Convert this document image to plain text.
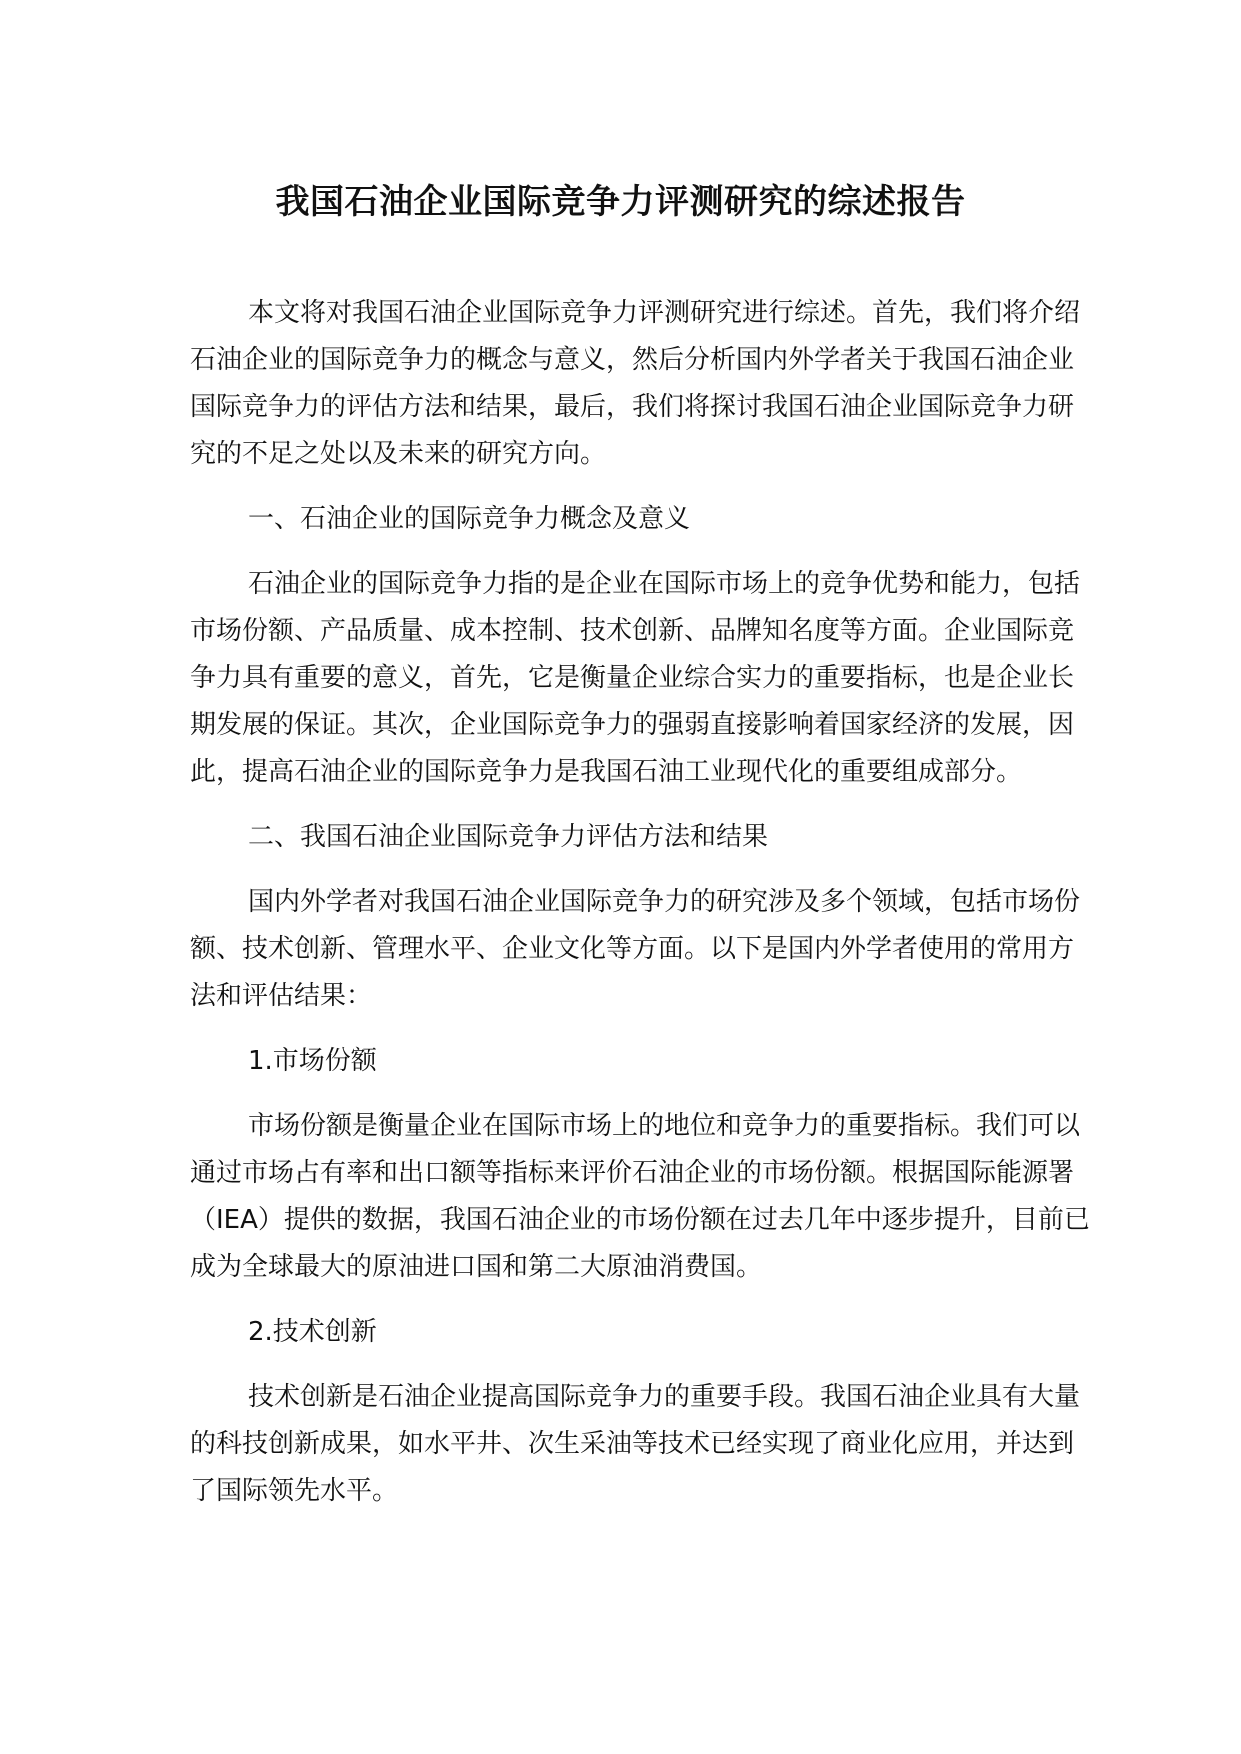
我国石油企业国际竞争力评测研究的综述报告

本文将对我国石油企业国际竞争力评测研究进行综述。首先，我们将介绍石油企业的国际竞争力的概念与意义，然后分析国内外学者关于我国石油企业国际竞争力的评估方法和结果，最后，我们将探讨我国石油企业国际竞争力研究的不足之处以及未来的研究方向。

一、石油企业的国际竞争力概念及意义

石油企业的国际竞争力指的是企业在国际市场上的竞争优势和能力，包括市场份额、产品质量、成本控制、技术创新、品牌知名度等方面。企业国际竞争力具有重要的意义，首先，它是衡量企业综合实力的重要指标，也是企业长期发展的保证。其次，企业国际竞争力的强弱直接影响着国家经济的发展，因此，提高石油企业的国际竞争力是我国石油工业现代化的重要组成部分。

二、我国石油企业国际竞争力评估方法和结果

国内外学者对我国石油企业国际竞争力的研究涉及多个领域，包括市场份额、技术创新、管理水平、企业文化等方面。以下是国内外学者使用的常用方法和评估结果：

1.市场份额

市场份额是衡量企业在国际市场上的地位和竞争力的重要指标。我们可以通过市场占有率和出口额等指标来评价石油企业的市场份额。根据国际能源署（IEA）提供的数据，我国石油企业的市场份额在过去几年中逐步提升，目前已成为全球最大的原油进口国和第二大原油消费国。

2.技术创新

技术创新是石油企业提高国际竞争力的重要手段。我国石油企业具有大量的科技创新成果，如水平井、次生采油等技术已经实现了商业化应用，并达到了国际领先水平。
